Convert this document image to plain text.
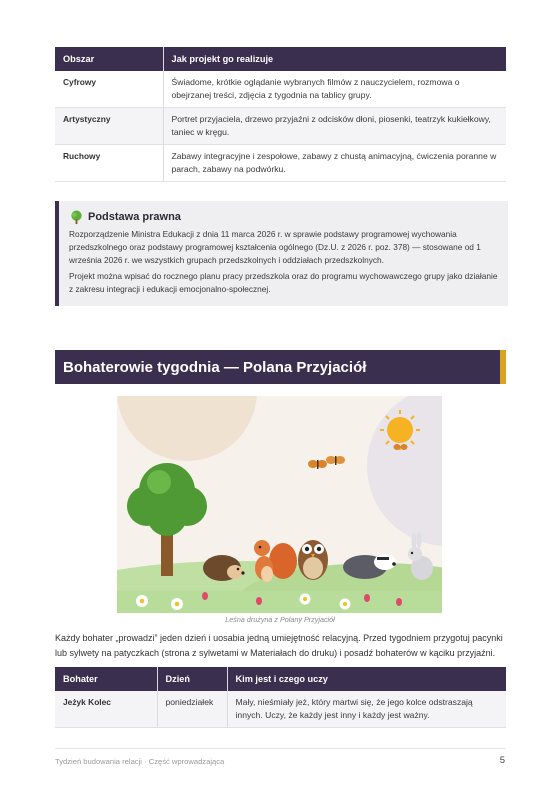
Obszar	Jak projekt go realizuje
Cyfrowy	Świadome, krótkie oglądanie wybranych filmów z nauczycielem, rozmowa o obejrzanej treści, zdjęcia z tygodnia na tablicy grupy.
Artystyczny	Portret przyjaciela, drzewo przyjaźni z odcisków dłoni, piosenki, teatrzyk kukiełkowy, taniec w kręgu.
Ruchowy	Zabawy integracyjne i zespołowe, zabawy z chustą animacyjną, ćwiczenia poranne w parach, zabawy na podwórku.
Podstawa prawna

Rozporządzenie Ministra Edukacji z dnia 11 marca 2026 r. w sprawie podstawy programowej wychowania przedszkolnego oraz podstawy programowej kształcenia ogólnego (Dz.U. z 2026 r. poz. 378) — stosowane od 1 września 2026 r. we wszystkich grupach przedszkolnych i oddziałach przedszkolnych.

Projekt można wpisać do rocznego planu pracy przedszkola oraz do programu wychowawczego grupy jako działanie z zakresu integracji i edukacji emocjonalno-społecznej.

Bohaterowie tygodnia — Polana Przyjaciół
Leśna drużyna z Polany Przyjaciół

Każdy bohater „prowadzi” jeden dzień i uosabia jedną umiejętność relacyjną. Przed tygodniem przygotuj pacynki lub sylwety na patyczkach (strona z sylwetami w Materiałach do druku) i posadź bohaterów w kąciku przyjaźni.

Bohater	Dzień	Kim jest i czego uczy
Jeżyk Kolec	poniedziałek	Mały, nieśmiały jeż, który martwi się, że jego kolce odstraszają innych. Uczy, że każdy jest inny i każdy jest ważny.
Tydzień budowania relacji · Część wprowadzająca	5
